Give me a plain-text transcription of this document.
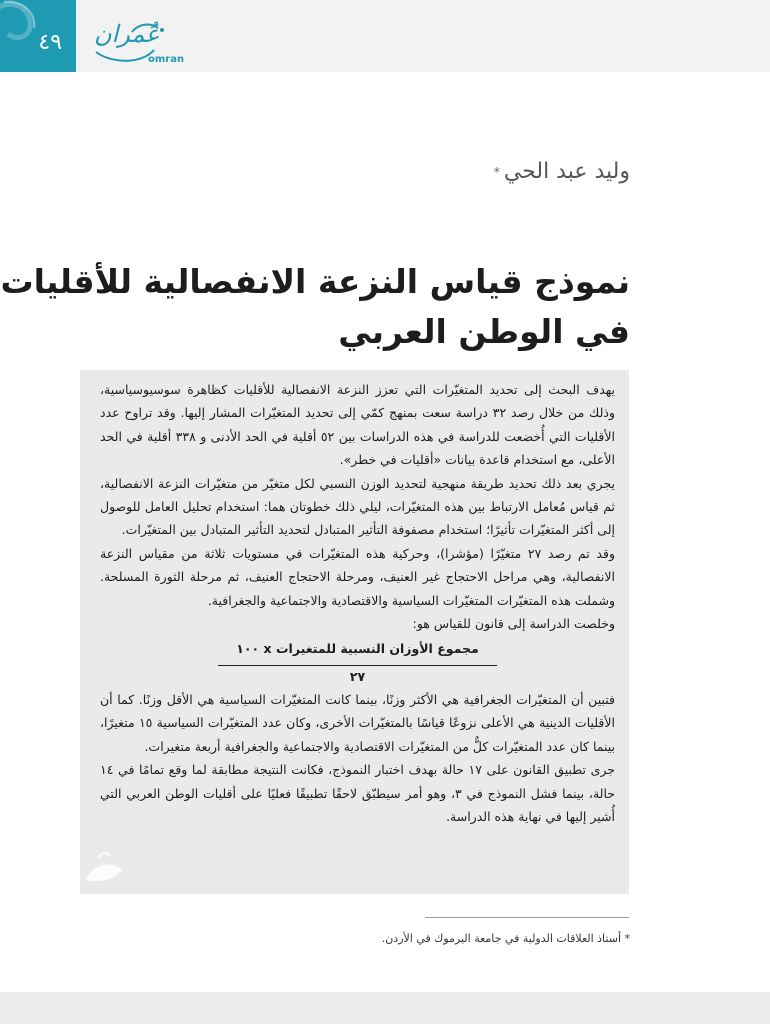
٤٩ عُمران
omran
وليد عبد الحي*
نموذج قياس النزعة الانفصالية للأقليات
في الوطن العربي

يهدف البحث إلى تحديد المتغيّرات التي تعزز النزعة الانفصالية للأقليات كظاهرة سوسيوسياسية، وذلك من خلال رصد ٣٢ دراسة سعت بمنهج كمّي إلى تحديد المتغيّرات المشار إليها. وقد تراوح عدد الأقليات التي أُخضعت للدراسة في هذه الدراسات بين ٥٢ أقلية في الحد الأدنى و ٣٣٨ أقلية في الحد الأعلى، مع استخدام قاعدة بيانات «أقليات في خطر».

يجري بعد ذلك تحديد طريقة منهجية لتحديد الوزن النسبي لكل متغيّر من متغيّرات النزعة الانفصالية، ثم قياس مُعامل الارتباط بين هذه المتغيّرات، ليلي ذلك خطوتان هما: استخدام تحليل العامل للوصول إلى أكثر المتغيّرات تأثيرًا؛ استخدام مصفوفة التأثير المتبادل لتحديد التأثير المتبادل بين المتغيّرات.

وقد تم رصد ٢٧ متغيّرًا (مؤشرا)، وحركية هذه المتغيّرات في مستويات ثلاثة من مقياس النزعة الانفصالية، وهي مراحل الاحتجاج غير العنيف، ومرحلة الاحتجاج العنيف، ثم مرحلة الثورة المسلحة. وشملت هذه المتغيّرات المتغيّرات السياسية والاقتصادية والاجتماعية والجغرافية.

وخلصت الدراسة إلى قانون للقياس هو:

مجموع الأوزان النسبية للمتغيرات x ١٠٠
٢٧

فتبين أن المتغيّرات الجغرافية هي الأكثر وزنًا، بينما كانت المتغيّرات السياسية هي الأقل وزنًا. كما أن الأقليات الدينية هي الأعلى نزوعًا قياسًا بالمتغيّرات الأخرى، وكان عدد المتغيّرات السياسية ١٥ متغيرًا، بينما كان عدد المتغيّرات كلٌّ من المتغيّرات الاقتصادية والاجتماعية والجغرافية أربعة متغيرات.

جرى تطبيق القانون على ١٧ حالة بهدف اختبار النموذج، فكانت النتيجة مطابقة لما وقع تمامًا في ١٤ حالة، بينما فشل النموذج في ٣، وهو أمر سيطبّق لاحقًا تطبيقًا فعليًا على أقليات الوطن العربي التي أُشير إليها في نهاية هذه الدراسة.

* أستاذ العلاقات الدولية في جامعة اليرموك في الأردن.
